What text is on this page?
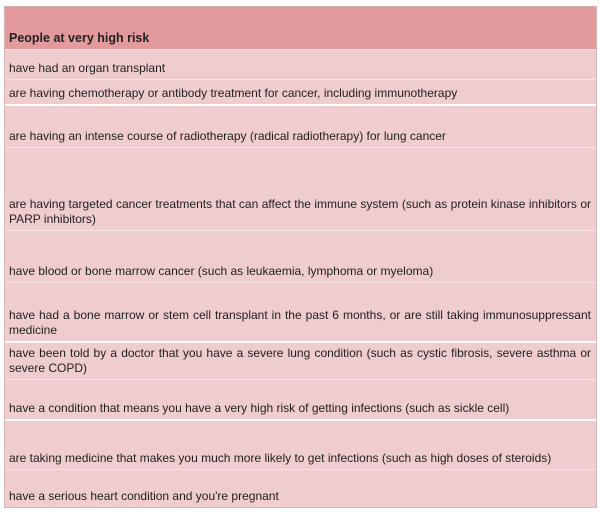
People at very high risk
have had an organ transplant
are having chemotherapy or antibody treatment for cancer, including immunotherapy
are having an intense course of radiotherapy (radical radiotherapy) for lung cancer
are having targeted cancer treatments that can affect the immune system (such as protein kinase inhibitors or PARP inhibitors)
have blood or bone marrow cancer (such as leukaemia, lymphoma or myeloma)
have had a bone marrow or stem cell transplant in the past 6 months, or are still taking immunosuppressant medicine
have been told by a doctor that you have a severe lung condition (such as cystic fibrosis, severe asthma or severe COPD)
have a condition that means you have a very high risk of getting infections (such as sickle cell)
are taking medicine that makes you much more likely to get infections (such as high doses of steroids)
have a serious heart condition and you're pregnant
